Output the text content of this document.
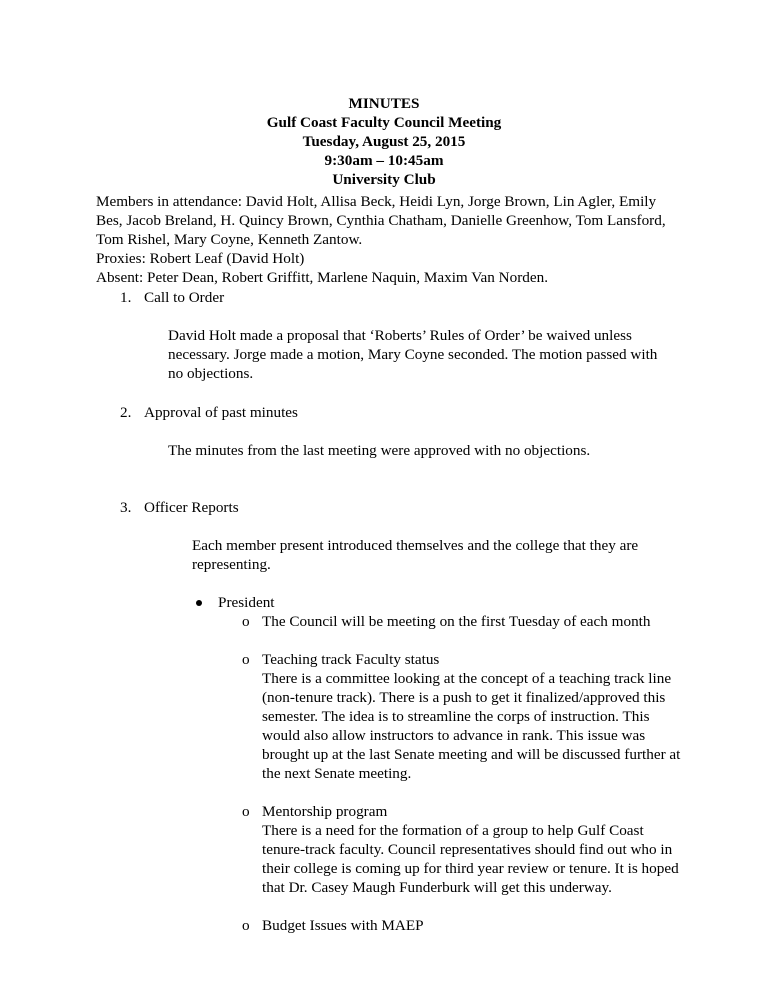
MINUTES
Gulf Coast Faculty Council Meeting
Tuesday, August 25, 2015
9:30am – 10:45am
University Club

Members in attendance: David Holt, Allisa Beck, Heidi Lyn, Jorge Brown, Lin Agler, Emily Bes, Jacob Breland, H. Quincy Brown, Cynthia Chatham, Danielle Greenhow, Tom Lansford, Tom Rishel, Mary Coyne, Kenneth Zantow.

Proxies: Robert Leaf (David Holt)

Absent: Peter Dean, Robert Griffitt, Marlene Naquin, Maxim Van Norden.

1. Call to Order

David Holt made a proposal that ‘Roberts’ Rules of Order’ be waived unless necessary. Jorge made a motion, Mary Coyne seconded. The motion passed with no objections.

2. Approval of past minutes

The minutes from the last meeting were approved with no objections.

3. Officer Reports

Each member present introduced themselves and the college that they are representing.

President
o The Council will be meeting on the first Tuesday of each month

o Teaching track Faculty status

There is a committee looking at the concept of a teaching track line (non-tenure track). There is a push to get it finalized/approved this semester. The idea is to streamline the corps of instruction. This would also allow instructors to advance in rank. This issue was brought up at the last Senate meeting and will be discussed further at the next Senate meeting.

o Mentorship program

There is a need for the formation of a group to help Gulf Coast tenure-track faculty. Council representatives should find out who in their college is coming up for third year review or tenure. It is hoped that Dr. Casey Maugh Funderburk will get this underway.

o Budget Issues with MAEP
